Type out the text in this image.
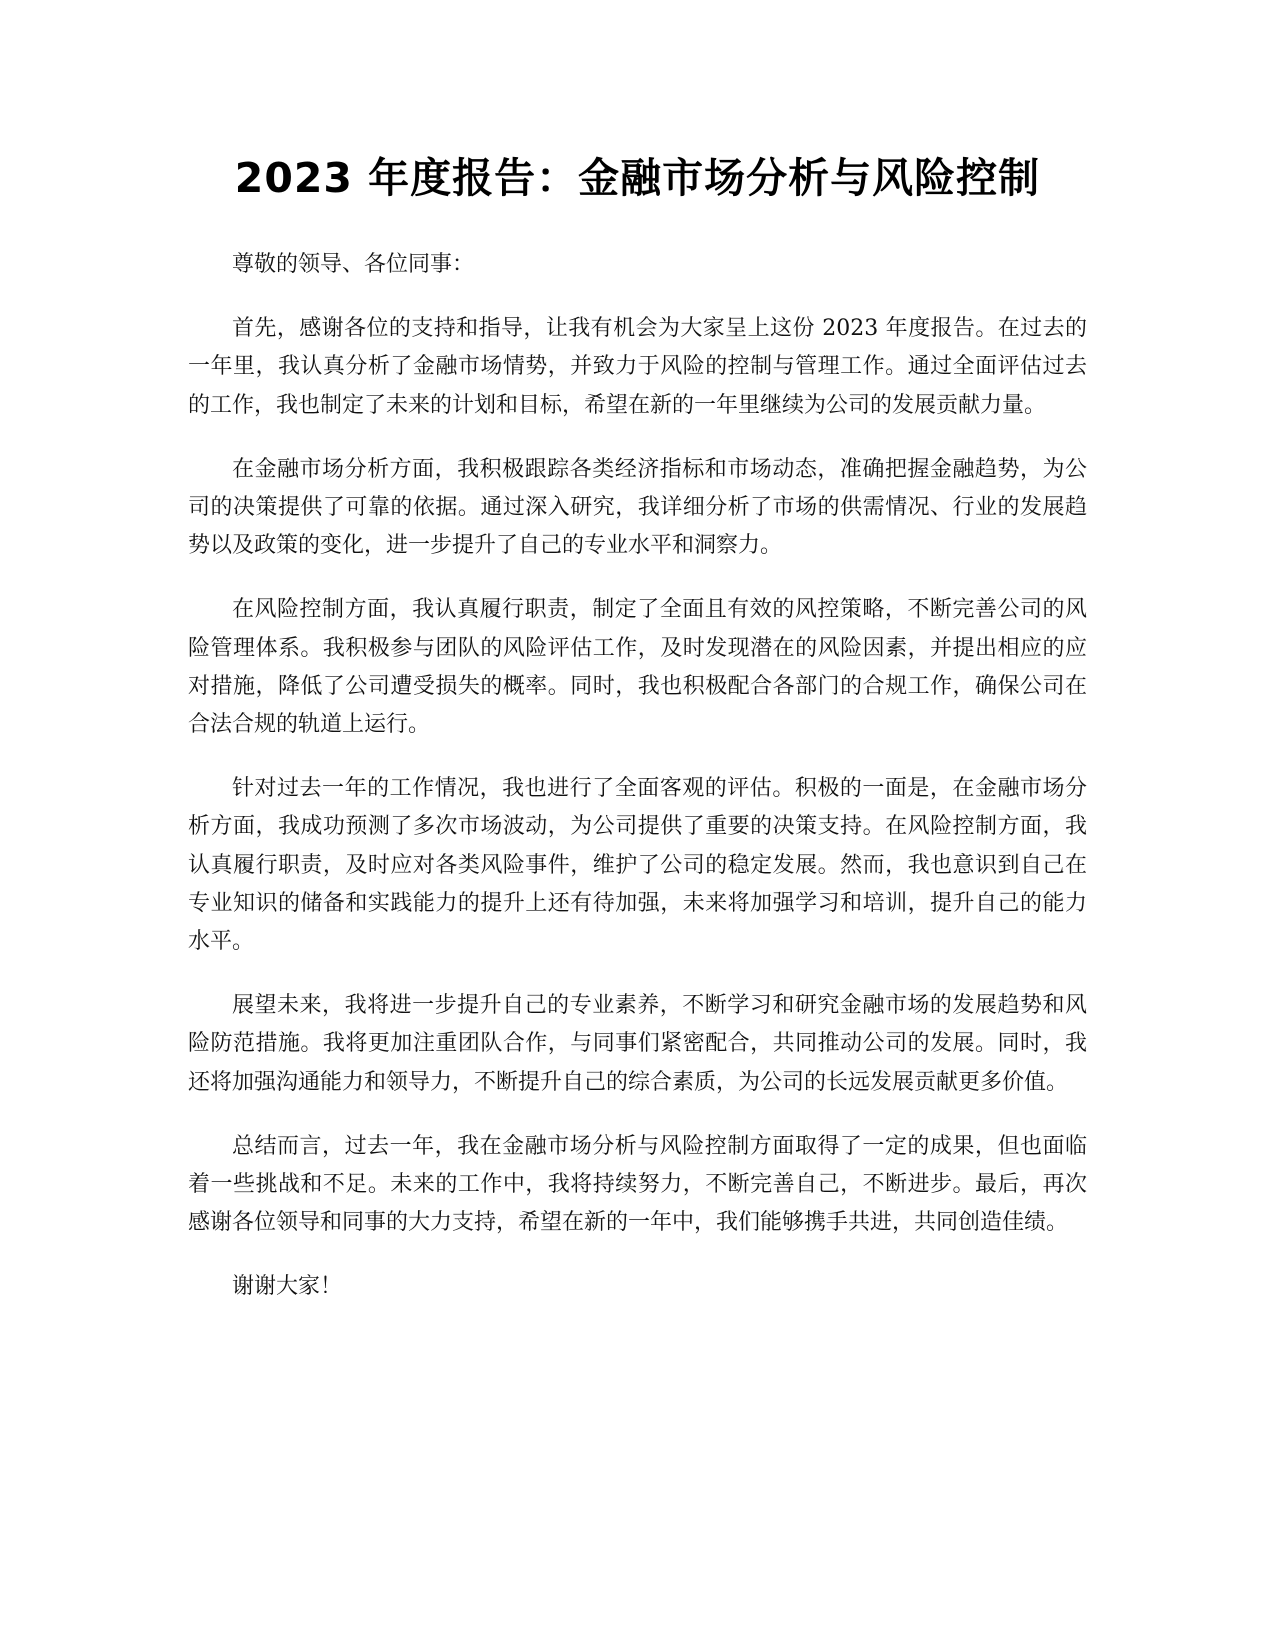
2023 年度报告：金融市场分析与风险控制

尊敬的领导、各位同事：

首先，感谢各位的支持和指导，让我有机会为大家呈上这份 2023 年度报告。在过去的一年里，我认真分析了金融市场情势，并致力于风险的控制与管理工作。通过全面评估过去的工作，我也制定了未来的计划和目标，希望在新的一年里继续为公司的发展贡献力量。

在金融市场分析方面，我积极跟踪各类经济指标和市场动态，准确把握金融趋势，为公司的决策提供了可靠的依据。通过深入研究，我详细分析了市场的供需情况、行业的发展趋势以及政策的变化，进一步提升了自己的专业水平和洞察力。

在风险控制方面，我认真履行职责，制定了全面且有效的风控策略，不断完善公司的风险管理体系。我积极参与团队的风险评估工作，及时发现潜在的风险因素，并提出相应的应对措施，降低了公司遭受损失的概率。同时，我也积极配合各部门的合规工作，确保公司在合法合规的轨道上运行。

针对过去一年的工作情况，我也进行了全面客观的评估。积极的一面是，在金融市场分析方面，我成功预测了多次市场波动，为公司提供了重要的决策支持。在风险控制方面，我认真履行职责，及时应对各类风险事件，维护了公司的稳定发展。然而，我也意识到自己在专业知识的储备和实践能力的提升上还有待加强，未来将加强学习和培训，提升自己的能力水平。

展望未来，我将进一步提升自己的专业素养，不断学习和研究金融市场的发展趋势和风险防范措施。我将更加注重团队合作，与同事们紧密配合，共同推动公司的发展。同时，我还将加强沟通能力和领导力，不断提升自己的综合素质，为公司的长远发展贡献更多价值。

总结而言，过去一年，我在金融市场分析与风险控制方面取得了一定的成果，但也面临着一些挑战和不足。未来的工作中，我将持续努力，不断完善自己，不断进步。最后，再次感谢各位领导和同事的大力支持，希望在新的一年中，我们能够携手共进，共同创造佳绩。

谢谢大家！
